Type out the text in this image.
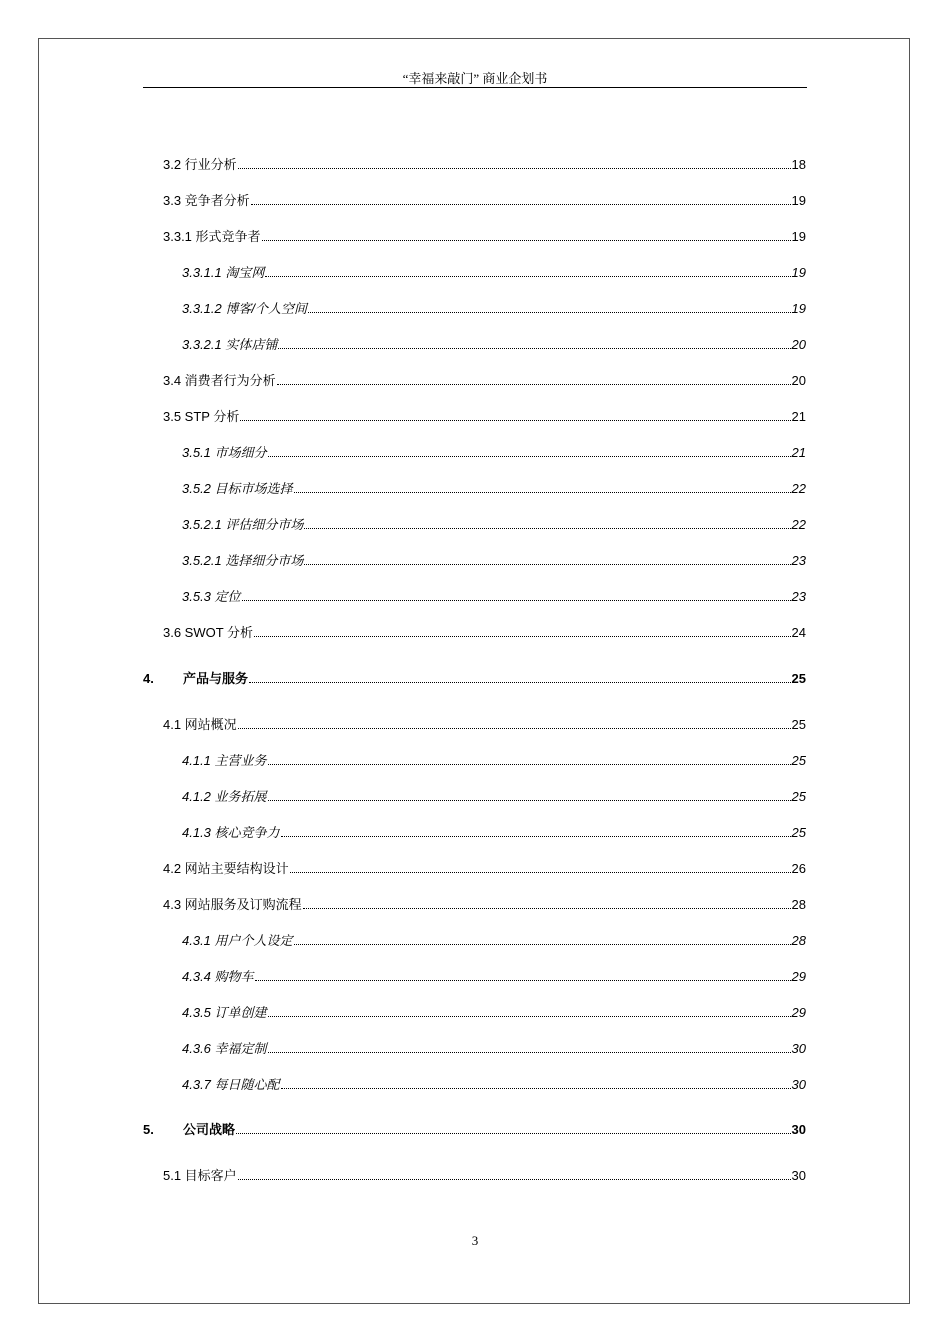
“幸福来敲门” 商业企划书
3.2 行业分析	18
3.3 竞争者分析	19
3.3.1 形式竞争者	19
3.3.1.1 淘宝网	19
3.3.1.2 博客/个人空间	19
3.3.2.1 实体店铺	20
3.4 消费者行为分析	20
3.5 STP 分析	21
3.5.1 市场细分	21
3.5.2 目标市场选择	22
3.5.2.1 评估细分市场	22
3.5.2.1 选择细分市场	23
3.5.3 定位	23
3.6 SWOT 分析	24
4.	产品与服务	25
4.1 网站概况	25
4.1.1 主营业务	25
4.1.2 业务拓展	25
4.1.3 核心竞争力	25
4.2 网站主要结构设计	26
4.3 网站服务及订购流程	28
4.3.1 用户个人设定	28
4.3.4 购物车	29
4.3.5 订单创建	29
4.3.6 幸福定制	30
4.3.7 每日随心配	30
5.	公司战略	30
5.1 目标客户	30
3
